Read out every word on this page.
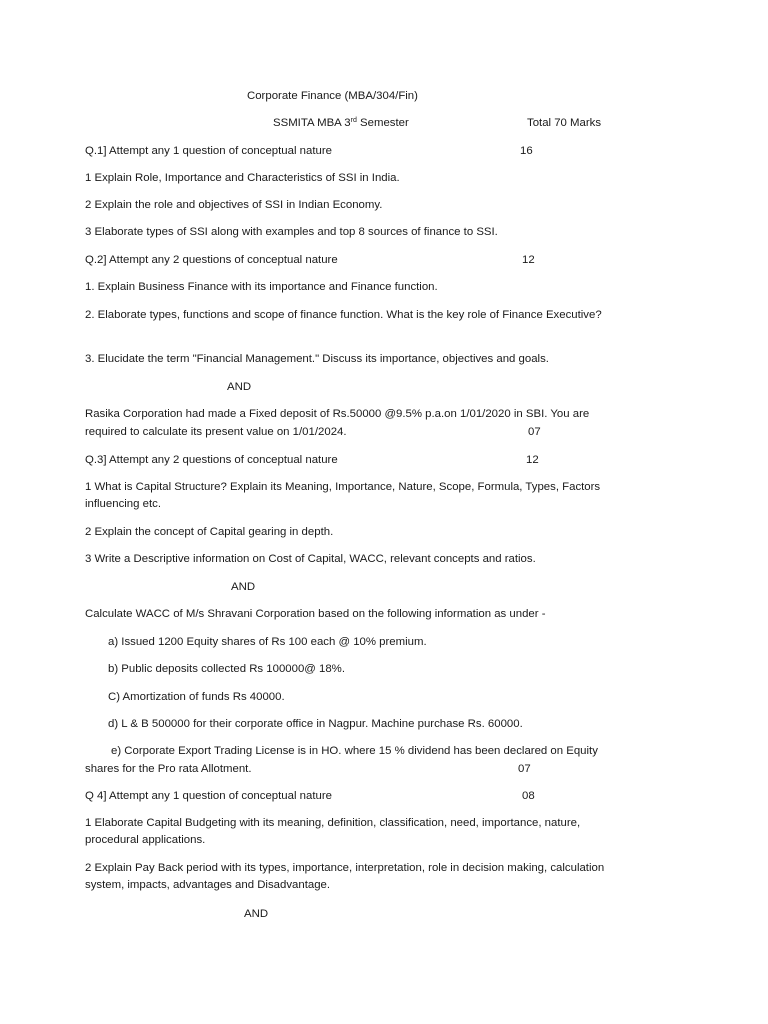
Corporate Finance (MBA/304/Fin)
SSMITA MBA 3rd Semester	Total 70 Marks
Q.1] Attempt any 1 question of conceptual nature	16
1 Explain Role, Importance and Characteristics of SSI in India.
2 Explain the role and objectives of SSI in Indian Economy.
3 Elaborate types of SSI along with examples and top 8 sources of finance to SSI.
Q.2] Attempt any 2 questions of conceptual nature	12
1. Explain Business Finance with its importance and Finance function.
2. Elaborate types, functions and scope of finance function. What is the key role of Finance Executive?
3. Elucidate the term "Financial Management." Discuss its importance, objectives and goals.
AND
Rasika Corporation had made a Fixed deposit of Rs.50000 @9.5% p.a.on 1/01/2020 in SBI. You are
required to calculate its present value on 1/01/2024.	07
Q.3] Attempt any 2 questions of conceptual nature	12
1 What is Capital Structure? Explain its Meaning, Importance, Nature, Scope, Formula, Types, Factors influencing etc.
2 Explain the concept of Capital gearing in depth.
3 Write a Descriptive information on Cost of Capital, WACC, relevant concepts and ratios.
AND
Calculate WACC of M/s Shravani Corporation based on the following information as under -
a) Issued 1200 Equity shares of Rs 100 each @ 10% premium.
b) Public deposits collected Rs 100000@ 18%.
C) Amortization of funds Rs 40000.
d) L & B 500000 for their corporate office in Nagpur. Machine purchase Rs. 60000.
e) Corporate Export Trading License is in HO. where 15 % dividend has been declared on Equity
shares for the Pro rata Allotment.	07
Q 4] Attempt any 1 question of conceptual nature	08
1 Elaborate Capital Budgeting with its meaning, definition, classification, need, importance, nature, procedural applications.
2 Explain Pay Back period with its types, importance, interpretation, role in decision making, calculation system, impacts, advantages and Disadvantage.
AND
